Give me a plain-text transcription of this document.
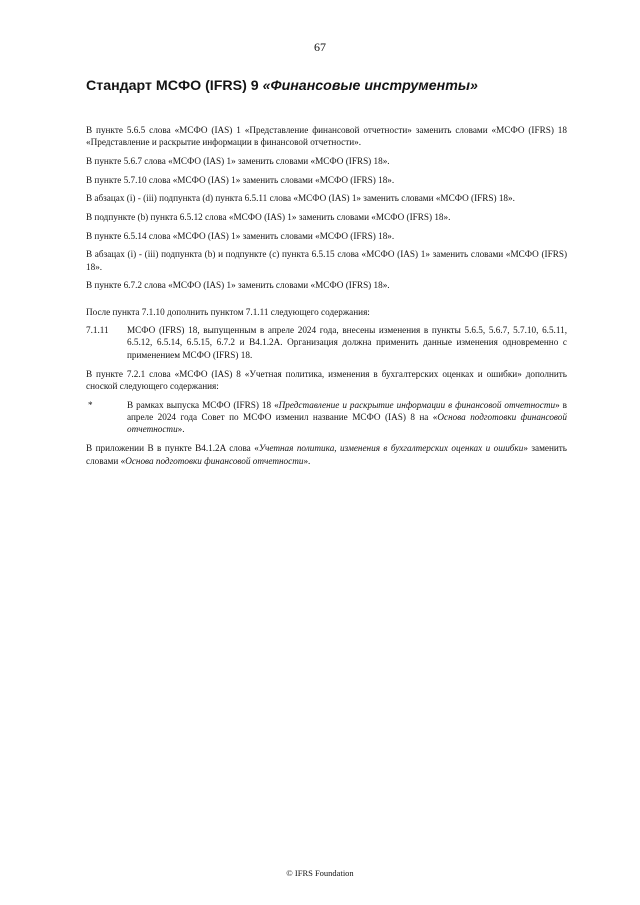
67
Стандарт МСФО (IFRS) 9 «Финансовые инструменты»

В пункте 5.6.5 слова «МСФО (IAS) 1 «Представление финансовой отчетности» заменить словами «МСФО (IFRS) 18 «Представление и раскрытие информации в финансовой отчетности».

В пункте 5.6.7 слова «МСФО (IAS) 1» заменить словами «МСФО (IFRS) 18».

В пункте 5.7.10 слова «МСФО (IAS) 1» заменить словами «МСФО (IFRS) 18».

В абзацах (i) - (iii) подпункта (d) пункта 6.5.11 слова «МСФО (IAS) 1» заменить словами «МСФО (IFRS) 18».

В подпункте (b) пункта 6.5.12 слова «МСФО (IAS) 1» заменить словами «МСФО (IFRS) 18».

В пункте 6.5.14 слова «МСФО (IAS) 1» заменить словами «МСФО (IFRS) 18».

В абзацах (i) - (iii) подпункта (b) и подпункте (c) пункта 6.5.15 слова «МСФО (IAS) 1» заменить словами «МСФО (IFRS) 18».

В пункте 6.7.2 слова «МСФО (IAS) 1» заменить словами «МСФО (IFRS) 18».

После пункта 7.1.10 дополнить пунктом 7.1.11 следующего содержания:

7.1.11	МСФО (IFRS) 18, выпущенным в апреле 2024 года, внесены изменения в пункты 5.6.5, 5.6.7, 5.7.10, 6.5.11, 6.5.12, 6.5.14, 6.5.15, 6.7.2 и B4.1.2A. Организация должна применить данные изменения одновременно с применением МСФО (IFRS) 18.

В пункте 7.2.1 слова «МСФО (IAS) 8 «Учетная политика, изменения в бухгалтерских оценках и ошибки» дополнить сноской следующего содержания:

*	В рамках выпуска МСФО (IFRS) 18 «Представление и раскрытие информации в финансовой отчетности» в апреле 2024 года Совет по МСФО изменил название МСФО (IAS) 8 на «Основа подготовки финансовой отчетности».

В приложении B в пункте B4.1.2A слова «Учетная политика, изменения в бухгалтерских оценках и ошибки» заменить словами «Основа подготовки финансовой отчетности».

© IFRS Foundation
